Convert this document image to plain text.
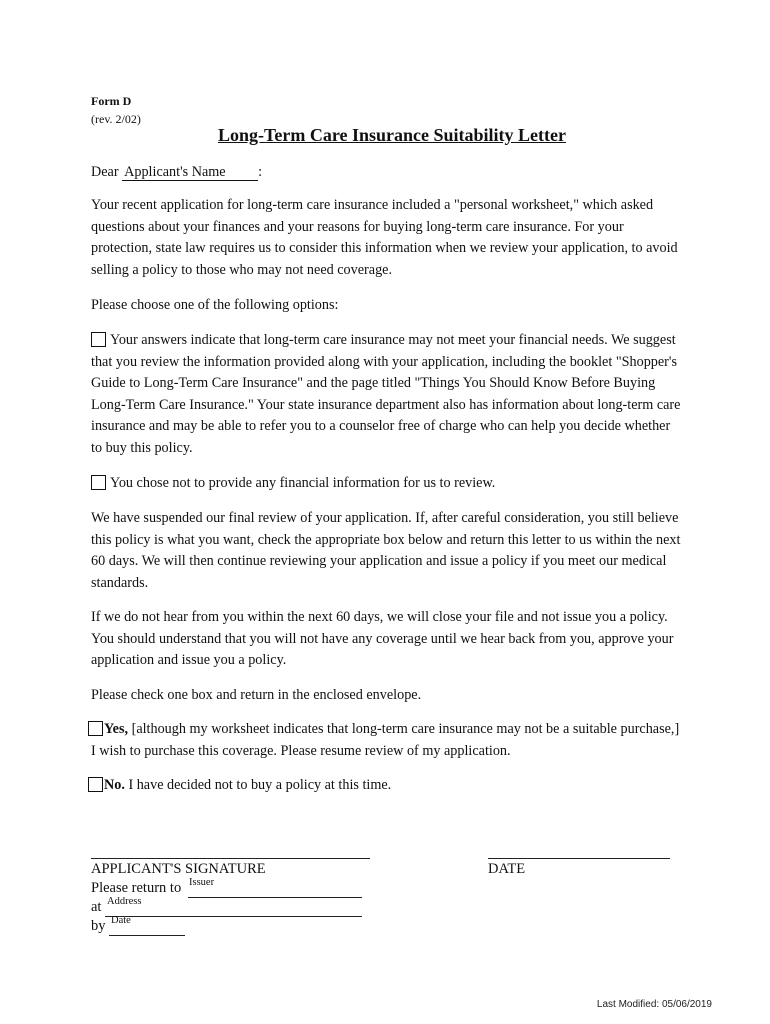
Form D
(rev. 2/02)
Long-Term Care Insurance Suitability Letter
Dear Applicant's Name :
Your recent application for long-term care insurance included a "personal worksheet," which asked questions about your finances and your reasons for buying long-term care insurance. For your protection, state law requires us to consider this information when we review your application, to avoid selling a policy to those who may not need coverage.
Please choose one of the following options:
Your answers indicate that long-term care insurance may not meet your financial needs. We suggest that you review the information provided along with your application, including the booklet "Shopper's Guide to Long-Term Care Insurance" and the page titled "Things You Should Know Before Buying Long-Term Care Insurance." Your state insurance department also has information about long-term care insurance and may be able to refer you to a counselor free of charge who can help you decide whether to buy this policy.
You chose not to provide any financial information for us to review.
We have suspended our final review of your application. If, after careful consideration, you still believe this policy is what you want, check the appropriate box below and return this letter to us within the next 60 days. We will then continue reviewing your application and issue a policy if you meet our medical standards.
If we do not hear from you within the next 60 days, we will close your file and not issue you a policy. You should understand that you will not have any coverage until we hear back from you, approve your application and issue you a policy.
Please check one box and return in the enclosed envelope.
Yes, [although my worksheet indicates that long-term care insurance may not be a suitable purchase,] I wish to purchase this coverage. Please resume review of my application.
No. I have decided not to buy a policy at this time.
APPLICANT'S SIGNATURE	DATE
Please return to Issuer
at Address
by Date
Last Modified: 05/06/2019
